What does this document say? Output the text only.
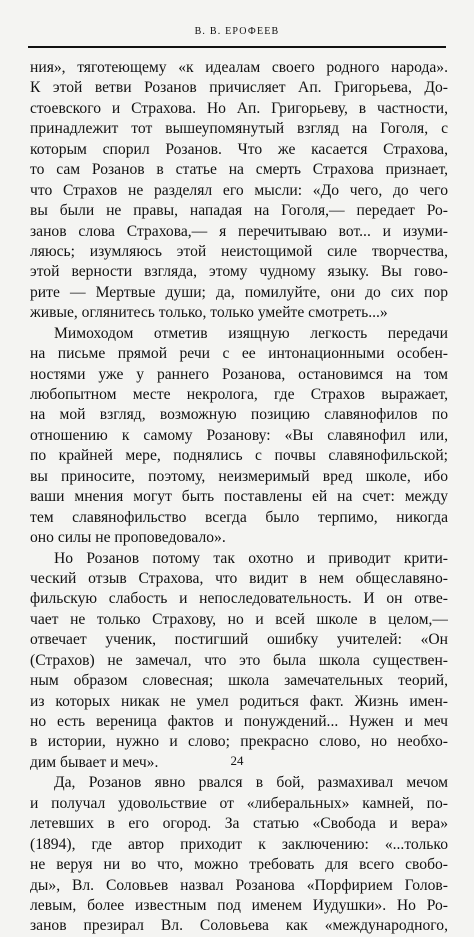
В. В. ЕРОФЕЕВ
ния», тяготеющему «к идеалам своего родного народа».
К этой ветви Розанов причисляет Ап. Григорьева, До-
стоевского и Страхова. Но Ап. Григорьеву, в частности,
принадлежит тот вышеупомянутый взгляд на Гоголя, с
которым спорил Розанов. Что же касается Страхова,
то сам Розанов в статье на смерть Страхова признает,
что Страхов не разделял его мысли: «До чего, до чего
вы были не правы, нападая на Гоголя,— передает Ро-
занов слова Страхова,— я перечитываю вот... и изуми-
ляюсь; изумляюсь этой неистощимой силе творчества,
этой верности взгляда, этому чудному языку. Вы гово-
рите — Мертвые души; да, помилуйте, они до сих пор
живые, оглянитесь только, только умейте смотреть...»
Мимоходом отметив изящную легкость передачи
на письме прямой речи с ее интонационными особен-
ностями уже у раннего Розанова, остановимся на том
любопытном месте некролога, где Страхов выражает,
на мой взгляд, возможную позицию славянофилов по
отношению к самому Розанову: «Вы славянофил или,
по крайней мере, поднялись с почвы славянофильской;
вы приносите, поэтому, неизмеримый вред школе, ибо
ваши мнения могут быть поставлены ей на счет: между
тем славянофильство всегда было терпимо, никогда
оно силы не проповедовало».
Но Розанов потому так охотно и приводит крити-
ческий отзыв Страхова, что видит в нем общеславяно-
фильскую слабость и непоследовательность. И он отве-
чает не только Страхову, но и всей школе в целом,—
отвечает ученик, постигший ошибку учителей: «Он
(Страхов) не замечал, что это была школа существен-
ным образом словесная; школа замечательных теорий,
из которых никак не умел родиться факт. Жизнь имен-
но есть вереница фактов и понуждений... Нужен и меч
в истории, нужно и слово; прекрасно слово, но необхо-
дим бывает и меч».
Да, Розанов явно рвался в бой, размахивал мечом
и получал удовольствие от «либеральных» камней, по-
летевших в его огород. За статью «Свобода и вера»
(1894), где автор приходит к заключению: «...только
не веруя ни во что, можно требовать для всего свобо-
ды», Вл. Соловьев назвал Розанова «Порфирием Голов-
левым, более известным под именем Иудушки». Но Ро-
занов презирал Вл. Соловьева как «международного,
24
